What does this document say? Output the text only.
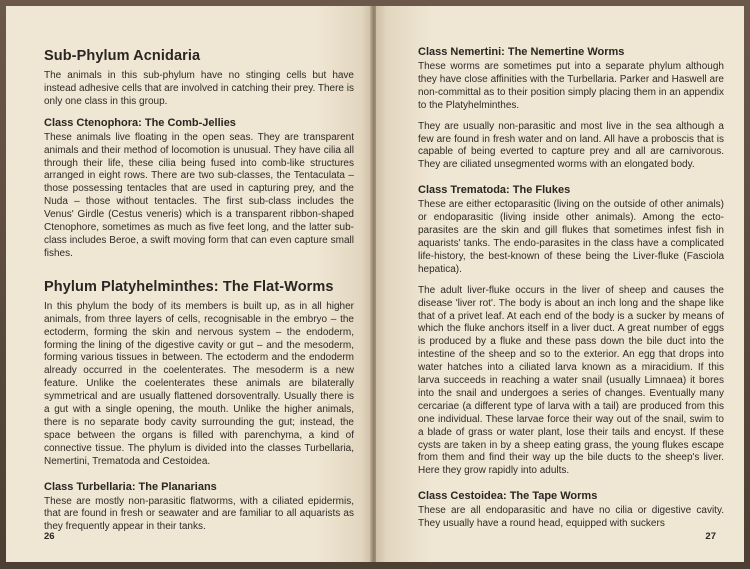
Sub-Phylum Acnidaria

The animals in this sub-phylum have no stinging cells but have instead adhesive cells that are involved in catching their prey. There is only one class in this group.

Class Ctenophora: The Comb-Jellies

These animals live floating in the open seas. They are transparent animals and their method of locomotion is unusual. They have cilia all through their life, these cilia being fused into comb-like structures arranged in eight rows. There are two sub-classes, the Tentaculata – those possessing tentacles that are used in capturing prey, and the Nuda – those without tentacles. The first sub-class includes the Venus' Girdle (Cestus veneris) which is a transparent ribbon-shaped Ctenophore, sometimes as much as five feet long, and the latter sub-class includes Beroe, a swift moving form that can even capture small fishes.

Phylum Platyhelminthes: The Flat-Worms

In this phylum the body of its members is built up, as in all higher animals, from three layers of cells, recognisable in the embryo – the ectoderm, forming the skin and nervous system – the endoderm, forming the lining of the digestive cavity or gut – and the mesoderm, forming various tissues in between. The ectoderm and the endoderm already occurred in the coelenterates. The mesoderm is a new feature. Unlike the coelenterates these animals are bilaterally symmetrical and are usually flattened dorsoventrally. Usually there is a gut with a single opening, the mouth. Unlike the higher animals, there is no separate body cavity surrounding the gut; instead, the space between the organs is filled with parenchyma, a kind of connective tissue. The phylum is divided into the classes Turbellaria, Nemertini, Trematoda and Cestoidea.

Class Turbellaria: The Planarians

These are mostly non-parasitic flatworms, with a ciliated epidermis, that are found in fresh or seawater and are familiar to all aquarists as they frequently appear in their tanks.

26
Class Nemertini: The Nemertine Worms

These worms are sometimes put into a separate phylum although they have close affinities with the Turbellaria. Parker and Haswell are non-committal as to their position simply placing them in an appendix to the Platyhelminthes.

They are usually non-parasitic and most live in the sea although a few are found in fresh water and on land. All have a proboscis that is capable of being everted to capture prey and all are carnivorous. They are ciliated unsegmented worms with an elongated body.

Class Trematoda: The Flukes

These are either ectoparasitic (living on the outside of other animals) or endoparasitic (living inside other animals). Among the ecto-parasites are the skin and gill flukes that sometimes infest fish in aquarists' tanks. The endo-parasites in the class have a complicated life-history, the best-known of these being the Liver-fluke (Fasciola hepatica).

The adult liver-fluke occurs in the liver of sheep and causes the disease 'liver rot'. The body is about an inch long and the shape like that of a privet leaf. At each end of the body is a sucker by means of which the fluke anchors itself in a liver duct. A great number of eggs is produced by a fluke and these pass down the bile duct into the intestine of the sheep and so to the exterior. An egg that drops into water hatches into a ciliated larva known as a miracidium. If this larva succeeds in reaching a water snail (usually Limnaea) it bores into the snail and undergoes a series of changes. Eventually many cercariae (a different type of larva with a tail) are produced from this one individual. These larvae force their way out of the snail, swim to a blade of grass or water plant, lose their tails and encyst. If these cysts are taken in by a sheep eating grass, the young flukes escape from them and find their way up the bile ducts to the sheep's liver. Here they grow rapidly into adults.

Class Cestoidea: The Tape Worms

These are all endoparasitic and have no cilia or digestive cavity. They usually have a round head, equipped with suckers

27
